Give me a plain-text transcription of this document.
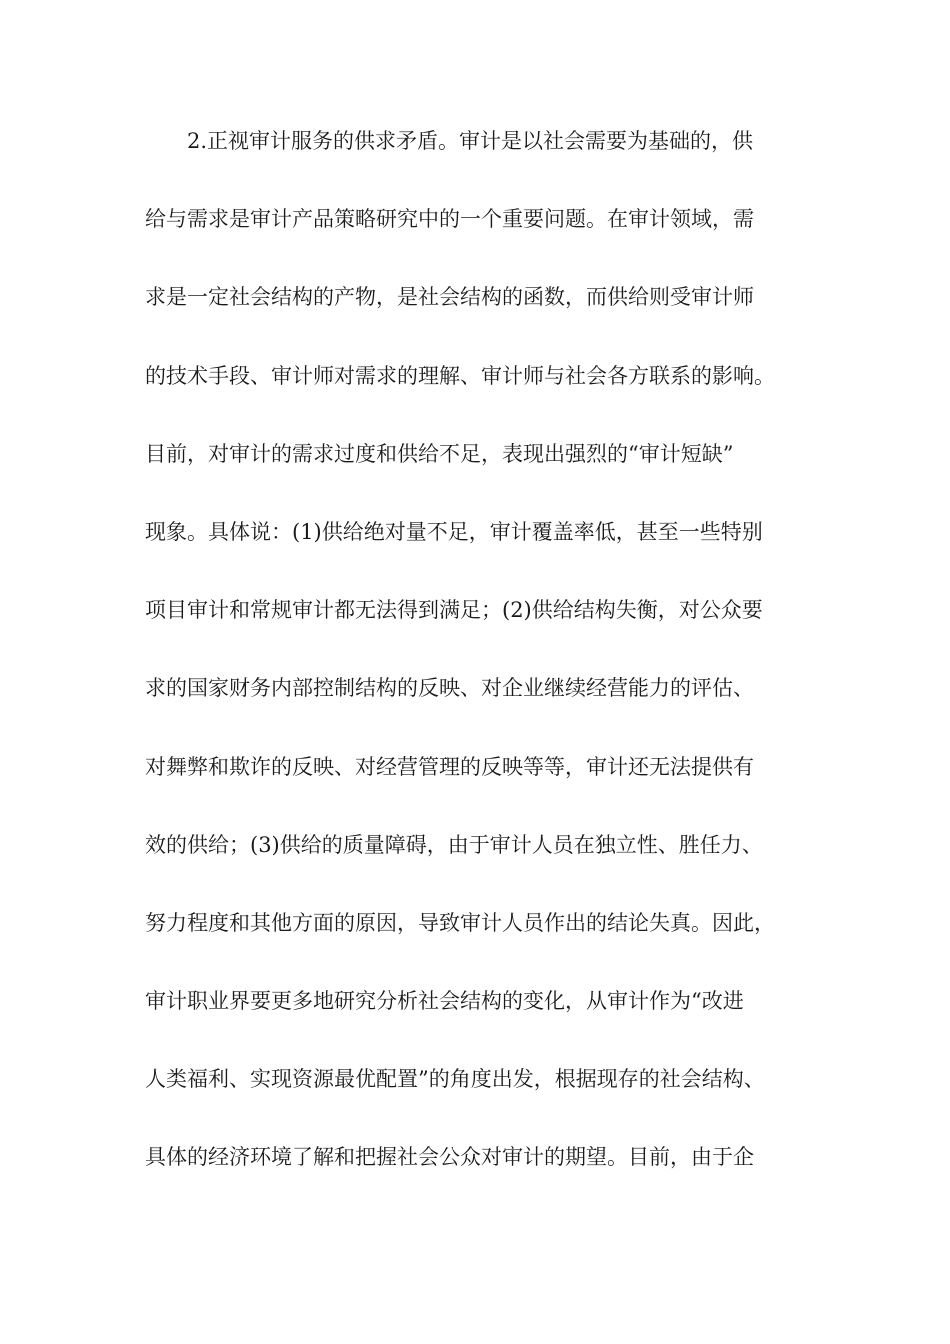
2.正视审计服务的供求矛盾。审计是以社会需要为基础的，供

给与需求是审计产品策略研究中的一个重要问题。在审计领域，需

求是一定社会结构的产物，是社会结构的函数，而供给则受审计师

的技术手段、审计师对需求的理解、审计师与社会各方联系的影响。

目前，对审计的需求过度和供给不足，表现出强烈的“审计短缺”

现象。具体说：(1)供给绝对量不足，审计覆盖率低，甚至一些特别

项目审计和常规审计都无法得到满足；(2)供给结构失衡，对公众要

求的国家财务内部控制结构的反映、对企业继续经营能力的评估、

对舞弊和欺诈的反映、对经营管理的反映等等，审计还无法提供有

效的供给；(3)供给的质量障碍，由于审计人员在独立性、胜任力、

努力程度和其他方面的原因，导致审计人员作出的结论失真。因此，

审计职业界要更多地研究分析社会结构的变化，从审计作为“改进

人类福利、实现资源最优配置”的角度出发，根据现存的社会结构、

具体的经济环境了解和把握社会公众对审计的期望。目前，由于企
